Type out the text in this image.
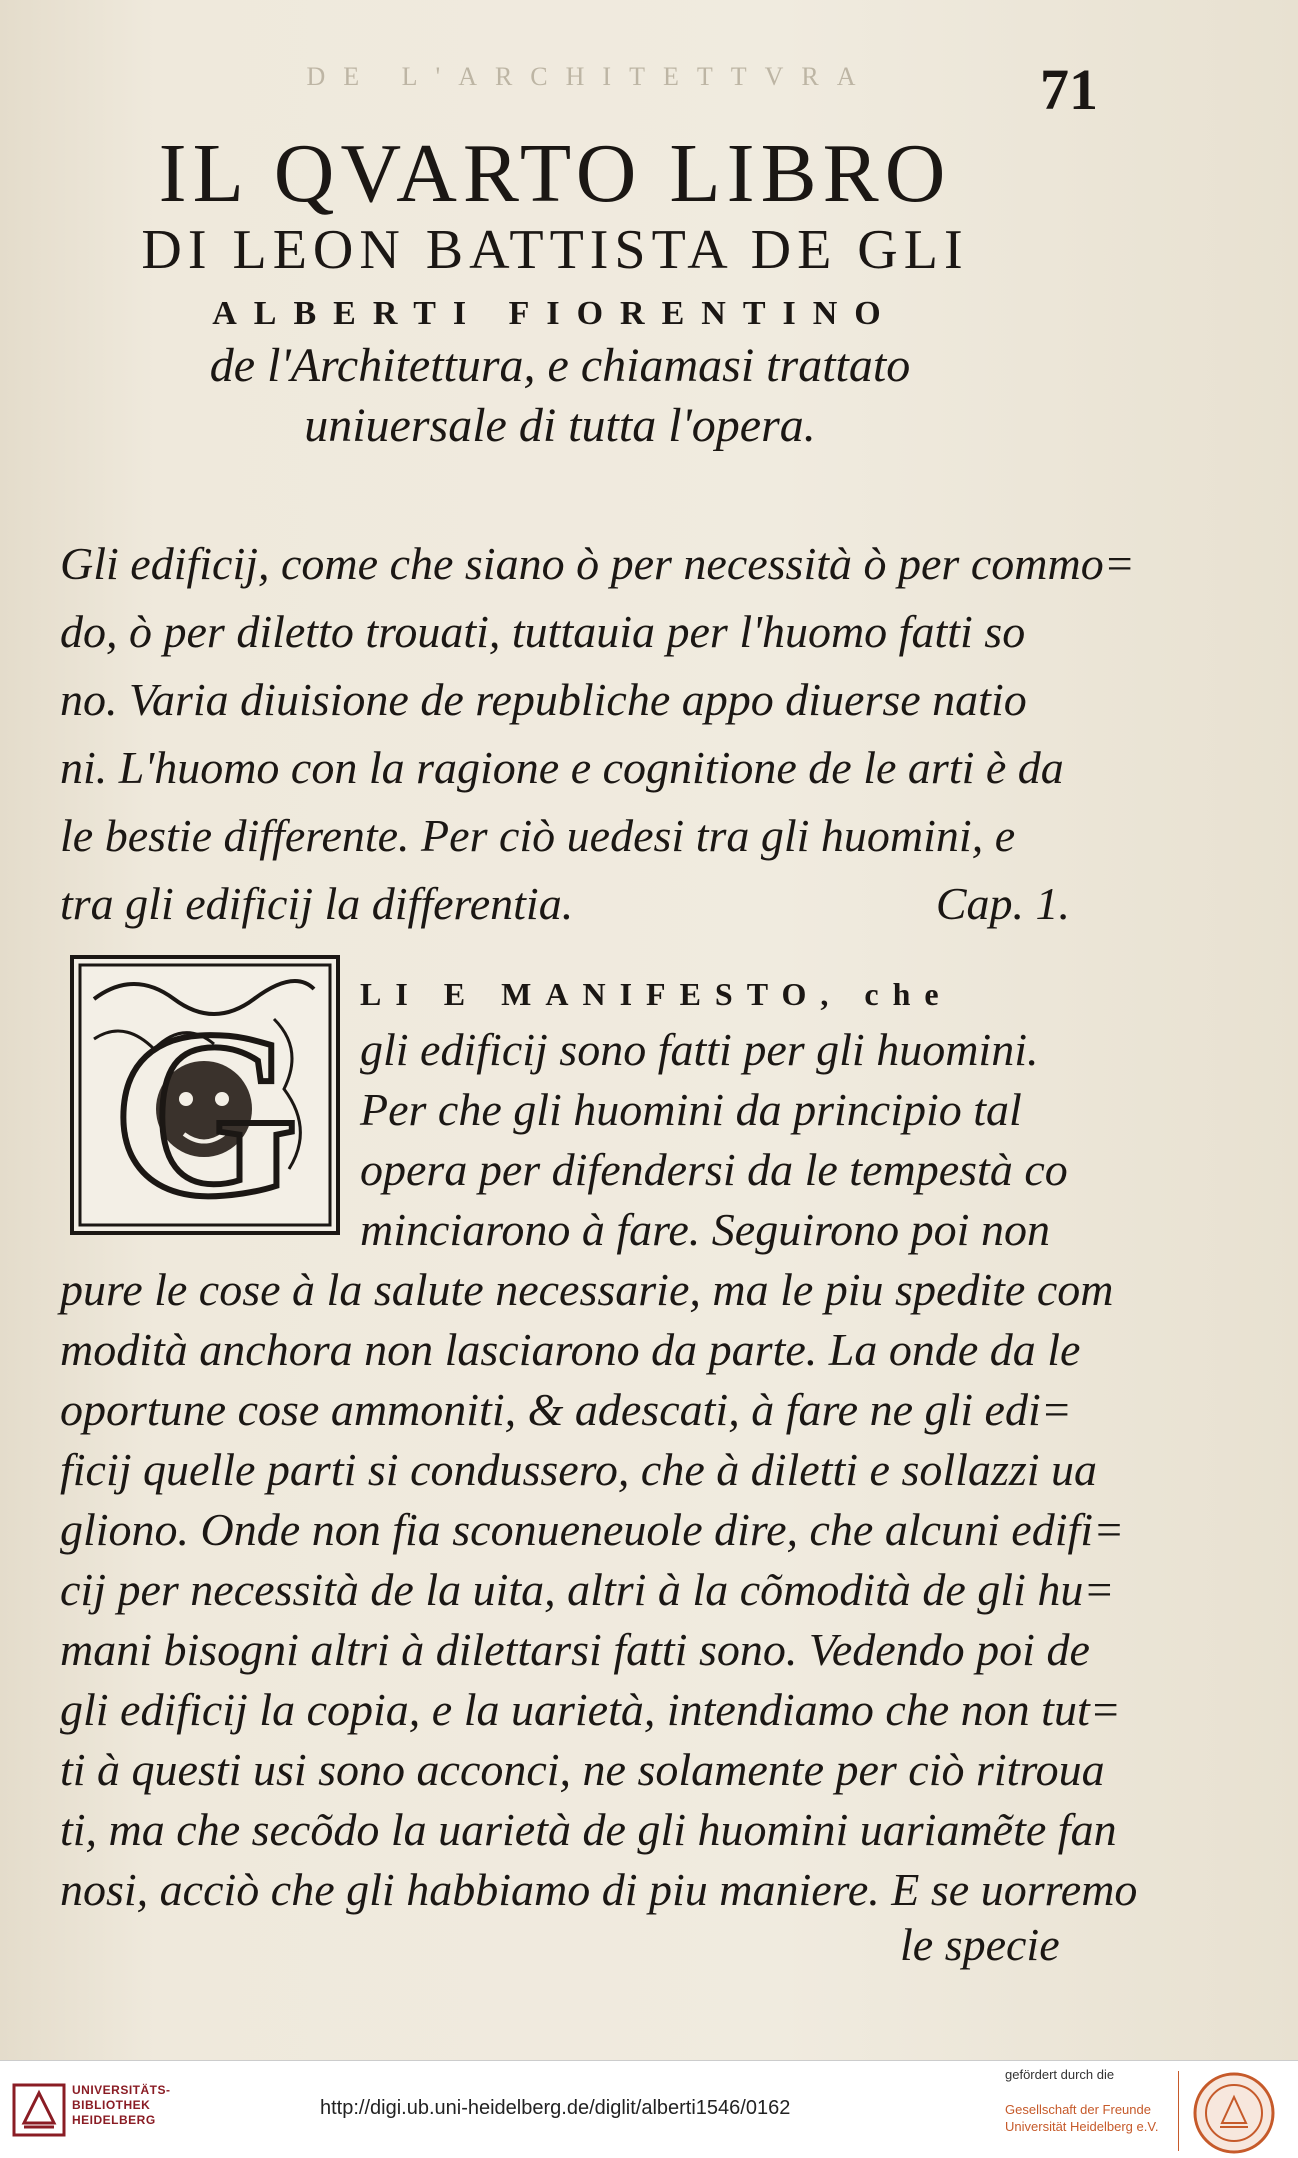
DE L'ARCHITETTVRA	71
IL QVARTO LIBRO
DI LEON BATTISTA DE GLI
ALBERTI FIORENTINO
de l'Architettura, e chiamasi trattato
uniuersale di tutta l'opera.
Gli edificij, come che siano ò per necessità ò per commo=
do, ò per diletto trouati, tuttauia per l'huomo fatti so
no. Varia diuisione de republiche appo diuerse natio
ni. L'huomo con la ragione e cognitione de le arti è da
le bestie differente. Per ciò uedesi tra gli huomini, e
tra gli edificij la differentia.	Cap. 1.
G	LI E MANIFESTO, che
gli edificij sono fatti per gli huomini.
Per che gli huomini da principio tal
opera per difendersi da le tempestà co
minciarono à fare. Seguirono poi non
pure le cose à la salute necessarie, ma le piu spedite com
modità anchora non lasciarono da parte. La onde da le
oportune cose ammoniti, & adescati, à fare ne gli edi=
ficij quelle parti si condussero, che à diletti e sollazzi ua
gliono. Onde non fia sconueneuole dire, che alcuni edifi=
cij per necessità de la uita, altri à la cõmodità de gli hu=
mani bisogni altri à dilettarsi fatti sono. Vedendo poi de
gli edificij la copia, e la uarietà, intendiamo che non tut=
ti à questi usi sono acconci, ne solamente per ciò ritroua
ti, ma che secõdo la uarietà de gli huomini uariamẽte fan
nosi, acciò che gli habbiamo di piu maniere. E se uorremo
le specie
UNIVERSITÄTS-
BIBLIOTHEK
HEIDELBERG
http://digi.ub.uni-heidelberg.de/diglit/alberti1546/0162
gefördert durch die
Gesellschaft der Freunde
Universität Heidelberg e.V.
